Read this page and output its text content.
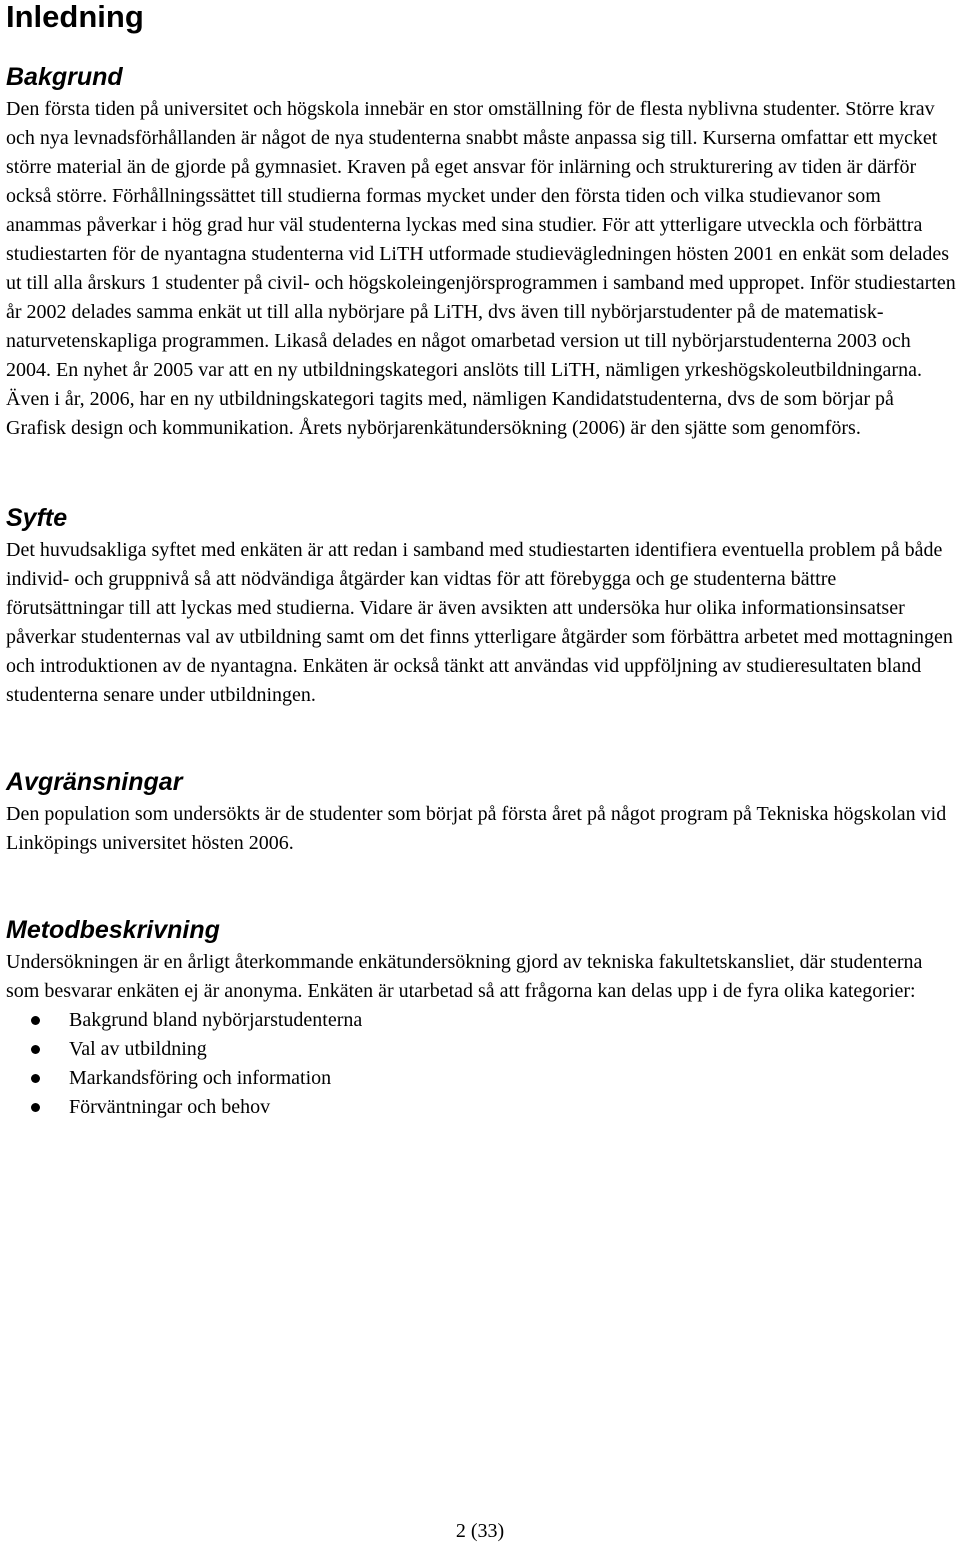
Inledning
Bakgrund

Den första tiden på universitet och högskola innebär en stor omställning för de flesta nyblivna studenter. Större krav och nya levnadsförhållanden är något de nya studenterna snabbt måste anpassa sig till. Kurserna omfattar ett mycket större material än de gjorde på gymnasiet. Kraven på eget ansvar för inlärning och strukturering av tiden är därför också större. Förhållningssättet till studierna formas mycket under den första tiden och vilka studievanor som anammas påverkar i hög grad hur väl studenterna lyckas med sina studier. För att ytterligare utveckla och förbättra studiestarten för de nyantagna studenterna vid LiTH utformade studievägledningen hösten 2001 en enkät som delades ut till alla årskurs 1 studenter på civil- och högskoleingenjörsprogrammen i samband med uppropet. Inför studiestarten år 2002 delades samma enkät ut till alla nybörjare på LiTH, dvs även till nybörjarstudenter på de matematisk-naturvetenskapliga programmen. Likaså delades en något omarbetad version ut till nybörjarstudenterna 2003 och 2004. En nyhet år 2005 var att en ny utbildningskategori anslöts till LiTH, nämligen yrkeshögskoleutbildningarna. Även i år, 2006, har en ny utbildningskategori tagits med, nämligen Kandidatstudenterna, dvs de som börjar på Grafisk design och kommunikation. Årets nybörjarenkätundersökning (2006) är den sjätte som genomförs.

Syfte

Det huvudsakliga syftet med enkäten är att redan i samband med studiestarten identifiera eventuella problem på både individ- och gruppnivå så att nödvändiga åtgärder kan vidtas för att förebygga och ge studenterna bättre förutsättningar till att lyckas med studierna. Vidare är även avsikten att undersöka hur olika informationsinsatser påverkar studenternas val av utbildning samt om det finns ytterligare åtgärder som förbättra arbetet med mottagningen och introduktionen av de nyantagna. Enkäten är också tänkt att användas vid uppföljning av studieresultaten bland studenterna senare under utbildningen.

Avgränsningar

Den population som undersökts är de studenter som börjat på första året på något program på Tekniska högskolan vid Linköpings universitet hösten 2006.

Metodbeskrivning

Undersökningen är en årligt återkommande enkätundersökning gjord av tekniska fakultetskansliet, där studenterna som besvarar enkäten ej är anonyma. Enkäten är utarbetad så att frågorna kan delas upp i de fyra olika kategorier:

Bakgrund bland nybörjarstudenterna
Val av utbildning
Markandsföring och information
Förväntningar och behov
2 (33)
